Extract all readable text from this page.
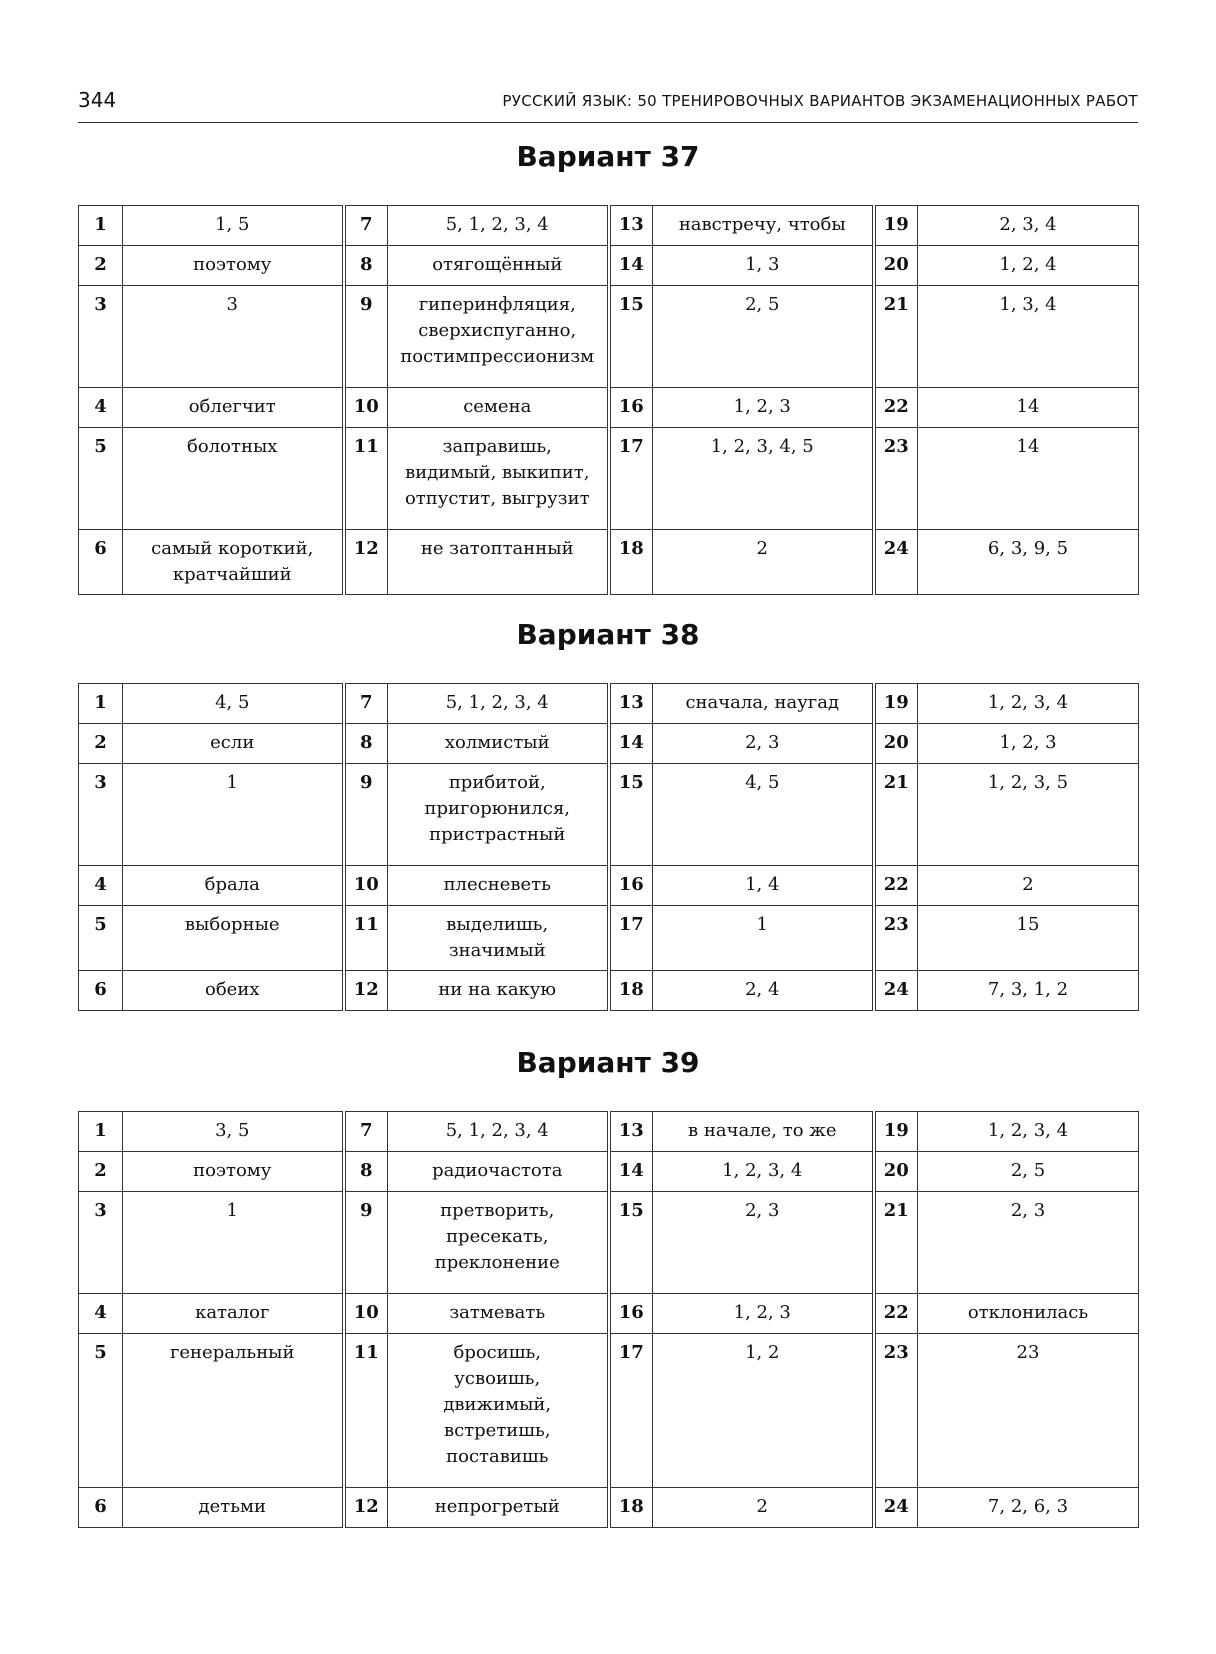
344	РУССКИЙ ЯЗЫК: 50 ТРЕНИРОВОЧНЫХ ВАРИАНТОВ ЭКЗАМЕНАЦИОННЫХ РАБОТ
Вариант 37
1	1, 5	7	5, 1, 2, 3, 4	13	навстречу, чтобы	19	2, 3, 4
2	поэтому	8	отягощённый	14	1, 3	20	1, 2, 4
3	3	9	гиперинфляция,
сверхиспуганно,
постимпрессионизм	15	2, 5	21	1, 3, 4
4	облегчит	10	семена	16	1, 2, 3	22	14
5	болотных	11	заправишь,
видимый, выкипит,
отпустит, выгрузит	17	1, 2, 3, 4, 5	23	14
6	самый короткий,
кратчайший	12	не затоптанный	18	2	24	6, 3, 9, 5
Вариант 38
1	4, 5	7	5, 1, 2, 3, 4	13	сначала, наугад	19	1, 2, 3, 4
2	если	8	холмистый	14	2, 3	20	1, 2, 3
3	1	9	прибитой,
пригорюнился,
пристрастный	15	4, 5	21	1, 2, 3, 5
4	брала	10	плесневеть	16	1, 4	22	2
5	выборные	11	выделишь,
значимый	17	1	23	15
6	обеих	12	ни на какую	18	2, 4	24	7, 3, 1, 2
Вариант 39
1	3, 5	7	5, 1, 2, 3, 4	13	в начале, то же	19	1, 2, 3, 4
2	поэтому	8	радиочастота	14	1, 2, 3, 4	20	2, 5
3	1	9	претворить,
пресекать,
преклонение	15	2, 3	21	2, 3
4	каталог	10	затмевать	16	1, 2, 3	22	отклонилась
5	генеральный	11	бросишь,
усвоишь,
движимый,
встретишь,
поставишь	17	1, 2	23	23
6	детьми	12	непрогретый	18	2	24	7, 2, 6, 3
